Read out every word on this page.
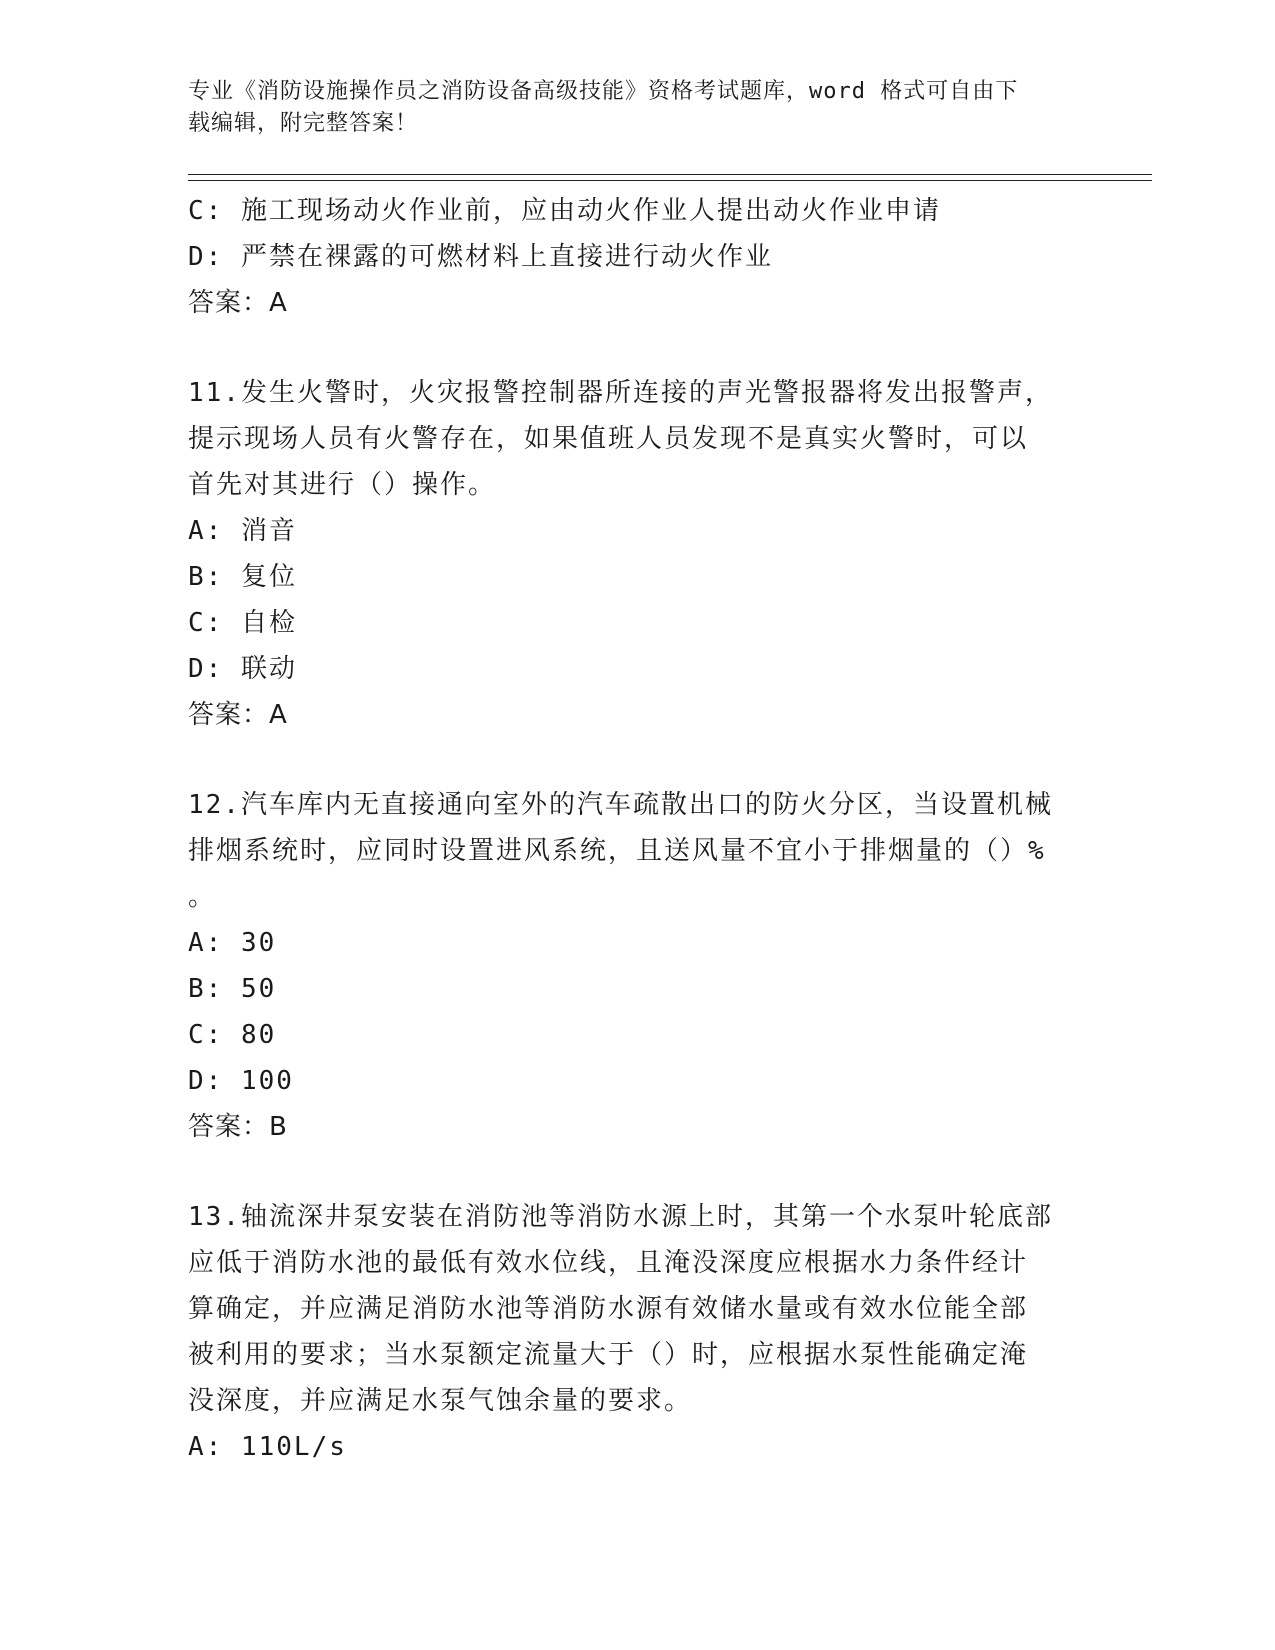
专业《消防设施操作员之消防设备高级技能》资格考试题库，word 格式可自由下
载编辑，附完整答案！
C: 施工现场动火作业前，应由动火作业人提出动火作业申请
D: 严禁在裸露的可燃材料上直接进行动火作业
答案：A
11.发生火警时，火灾报警控制器所连接的声光警报器将发出报警声，
提示现场人员有火警存在，如果值班人员发现不是真实火警时，可以
首先对其进行（）操作。
A: 消音
B: 复位
C: 自检
D: 联动
答案：A
12.汽车库内无直接通向室外的汽车疏散出口的防火分区，当设置机械
排烟系统时，应同时设置进风系统，且送风量不宜小于排烟量的（）%
。
A: 30
B: 50
C: 80
D: 100
答案：B
13.轴流深井泵安装在消防池等消防水源上时，其第一个水泵叶轮底部
应低于消防水池的最低有效水位线，且淹没深度应根据水力条件经计
算确定，并应满足消防水池等消防水源有效储水量或有效水位能全部
被利用的要求；当水泵额定流量大于（）时，应根据水泵性能确定淹
没深度，并应满足水泵气蚀余量的要求。
A: 110L/s
